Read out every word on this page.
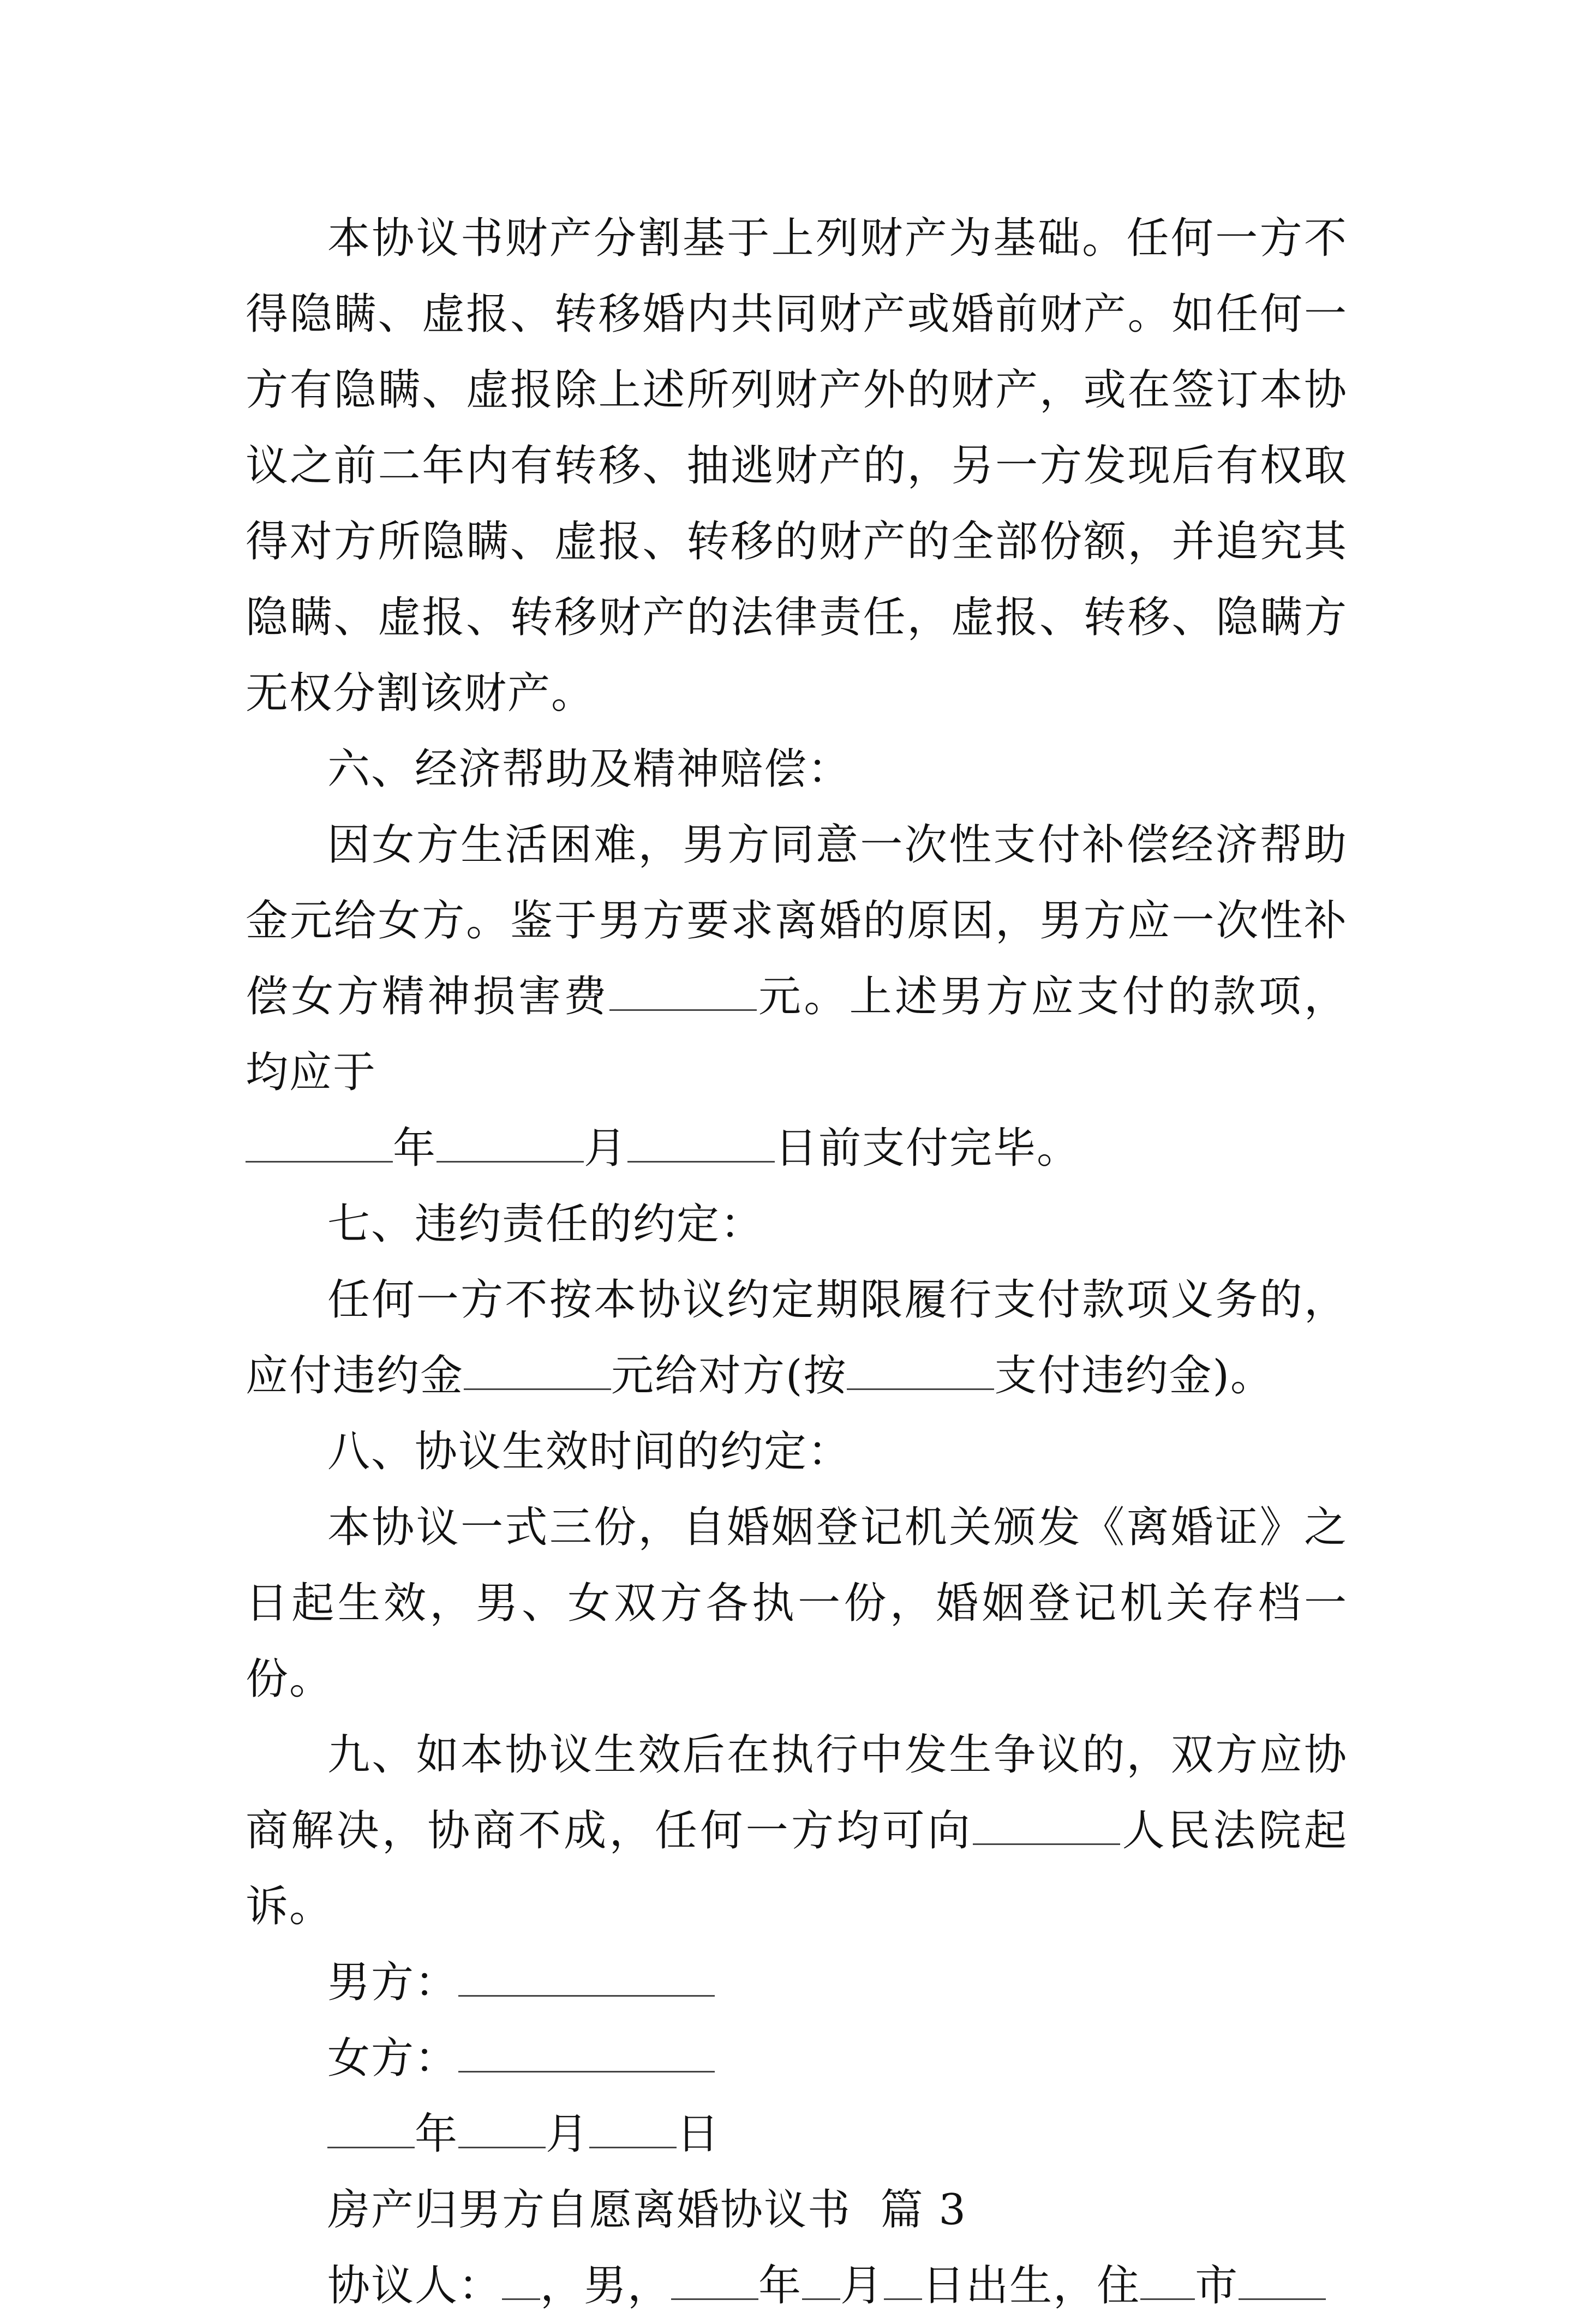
本协议书财产分割基于上列财产为基础。任何一方不得隐瞒、虚报、转移婚内共同财产或婚前财产。如任何一方有隐瞒、虚报除上述所列财产外的财产，或在签订本协议之前二年内有转移、抽逃财产的，另一方发现后有权取得对方所隐瞒、虚报、转移的财产的全部份额，并追究其隐瞒、虚报、转移财产的法律责任，虚报、转移、隐瞒方无权分割该财产。

六、经济帮助及精神赔偿：

因女方生活困难，男方同意一次性支付补偿经济帮助金元给女方。鉴于男方要求离婚的原因，男方应一次性补偿女方精神损害费	元。上述男方应支付的款项，均应于

年	月	日前支付完毕。

七、违约责任的约定：

任何一方不按本协议约定期限履行支付款项义务的，应付违约金	元给对方(按	支付违约金)。

八、协议生效时间的约定：

本协议一式三份，自婚姻登记机关颁发《离婚证》之日起生效，男、女双方各执一份，婚姻登记机关存档一份。

九、如本协议生效后在执行中发生争议的，双方应协商解决，协商不成，任何一方均可向	人民法院起诉。

男方：

女方：

年 月 日

房产归男方自愿离婚协议书  篇 3

协议人： ，男， 年 月 日出生，住 市
